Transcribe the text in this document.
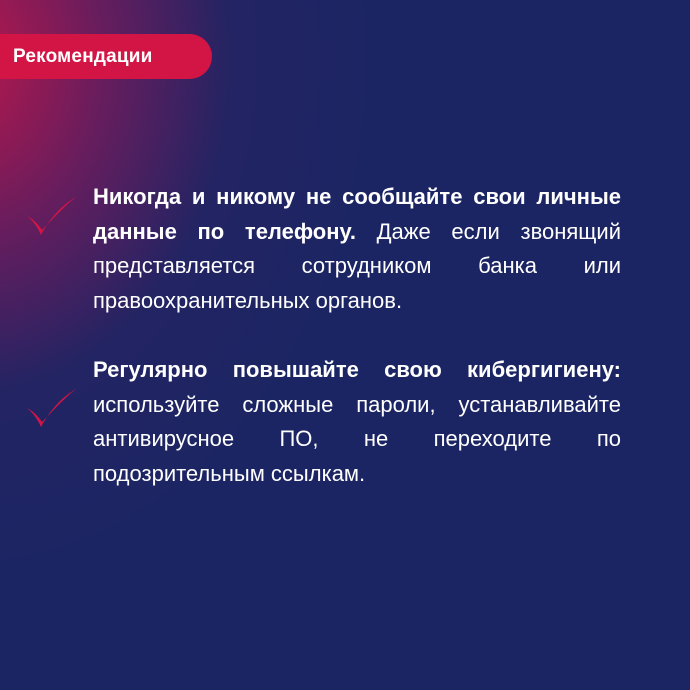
Рекомендации
Никогда и никому не сообщайте свои личные данные по телефону. Даже если звонящий представляется сотрудником банка или правоохранительных органов.
Регулярно повышайте свою кибергигиену: используйте сложные пароли, устанавливайте антивирусное ПО, не переходите по подозрительным ссылкам.
